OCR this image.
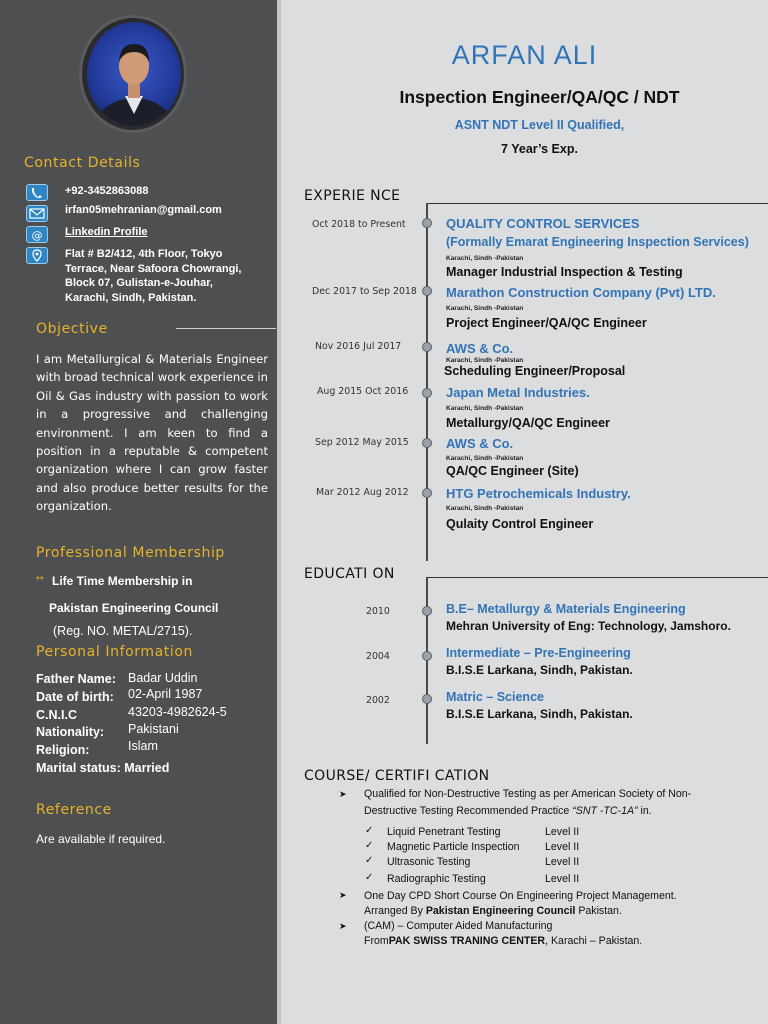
Contact Details
+92-3452863088
irfan05mehranian@gmail.com
@ Linkedin Profile
Flat # B2/412, 4th Floor, Tokyo
Terrace, Near Safoora Chowrangi,
Block 07, Gulistan-e-Jouhar,
Karachi, Sindh, Pakistan.
Objective
I am Metallurgical & Materials Engineer with broad technical work experience in Oil & Gas industry with passion to work in a progressive and challenging environment. I am keen to find a position in a reputable & competent organization where I can grow faster and also produce better results for the organization.
Professional Membership
** Life Time Membership in
Pakistan Engineering Council
(Reg. NO. METAL/2715).
Personal Information
Father Name: Badar Uddin
Date of birth: 02-April 1987
C.N.I.C	43203-4982624-5
Nationality: Pakistani
Religion:	Islam
Marital status: Married
Reference
Are available if required.
ARFAN ALI
Inspection Engineer/QA/QC / NDT
ASNT NDT Level II Qualified,
7 Year’s Exp.
EXPERIE NCE
Oct 2018 to Present	QUALITY CONTROL SERVICES
(Formally Emarat Engineering Inspection Services)
Karachi, Sindh -Pakistan
Manager Industrial Inspection & Testing
Dec 2017 to Sep 2018 Marathon Construction Company (Pvt) LTD.
Karachi, Sindh -Pakistan
Project Engineer/QA/QC Engineer
Nov 2016 Jul 2017	AWS & Co.
Karachi, Sindh -Pakistan
Scheduling Engineer/Proposal
Aug 2015 Oct 2016	Japan Metal Industries.
Karachi, Sindh -Pakistan
Metallurgy/QA/QC Engineer
Sep 2012 May 2015	AWS & Co.
Karachi, Sindh -Pakistan
QA/QC Engineer (Site)
Mar 2012 Aug 2012	HTG Petrochemicals Industry.
Karachi, Sindh -Pakistan
Qulaity Control Engineer
EDUCATI ON
2010	B.E– Metallurgy & Materials Engineering
Mehran University of Eng: Technology, Jamshoro.
2004	Intermediate – Pre-Engineering
B.I.S.E Larkana, Sindh, Pakistan.
2002	Matric – Science
B.I.S.E Larkana, Sindh, Pakistan.
COURSE/ CERTIFI CATION
➤ Qualified for Non-Destructive Testing as per American Society of Non-
Destructive Testing Recommended Practice “SNT -TC-1A” in.
✓ Liquid Penetrant Testing	Level II
✓ Magnetic Particle Inspection Level II
✓ Ultrasonic Testing	Level II
✓ Radiographic Testing	Level II
➤ One Day CPD Short Course On Engineering Project Management.
Arranged By Pakistan Engineering Council Pakistan.
➤ (CAM) – Computer Aided Manufacturing
FromPAK SWISS TRANING CENTER, Karachi – Pakistan.
